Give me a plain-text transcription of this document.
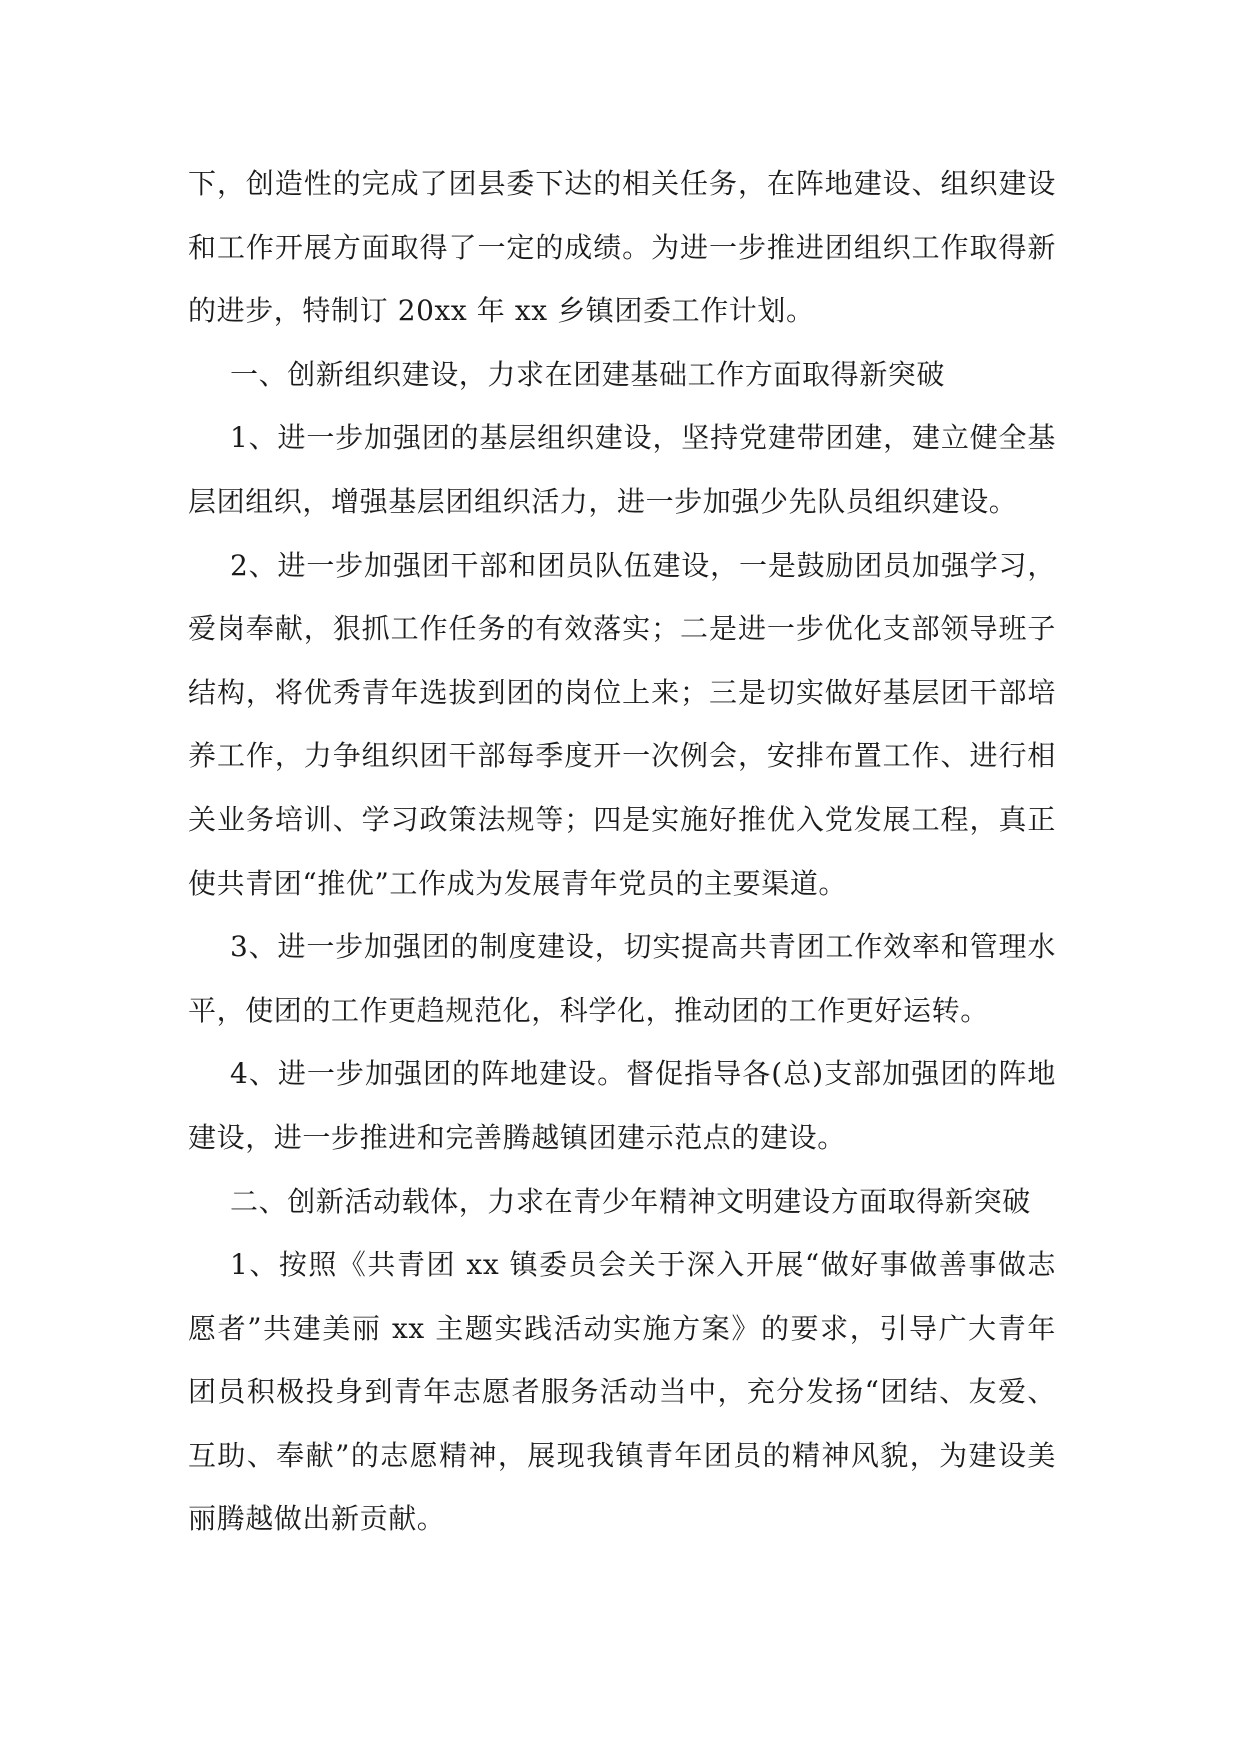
下，创造性的完成了团县委下达的相关任务，在阵地建设、组织建设
和工作开展方面取得了一定的成绩。为进一步推进团组织工作取得新
的进步，特制订 20xx 年 xx 乡镇团委工作计划。
一、创新组织建设，力求在团建基础工作方面取得新突破
1、进一步加强团的基层组织建设，坚持党建带团建，建立健全基
层团组织，增强基层团组织活力，进一步加强少先队员组织建设。
2、进一步加强团干部和团员队伍建设，一是鼓励团员加强学习，
爱岗奉献，狠抓工作任务的有效落实；二是进一步优化支部领导班子
结构，将优秀青年选拔到团的岗位上来；三是切实做好基层团干部培
养工作，力争组织团干部每季度开一次例会，安排布置工作、进行相
关业务培训、学习政策法规等；四是实施好推优入党发展工程，真正
使共青团“推优”工作成为发展青年党员的主要渠道。
3、进一步加强团的制度建设，切实提高共青团工作效率和管理水
平，使团的工作更趋规范化，科学化，推动团的工作更好运转。
4、进一步加强团的阵地建设。督促指导各(总)支部加强团的阵地
建设，进一步推进和完善腾越镇团建示范点的建设。
二、创新活动载体，力求在青少年精神文明建设方面取得新突破
1、按照《共青团 xx 镇委员会关于深入开展“做好事做善事做志
愿者”共建美丽 xx 主题实践活动实施方案》的要求，引导广大青年
团员积极投身到青年志愿者服务活动当中，充分发扬“团结、友爱、
互助、奉献”的志愿精神，展现我镇青年团员的精神风貌，为建设美
丽腾越做出新贡献。
